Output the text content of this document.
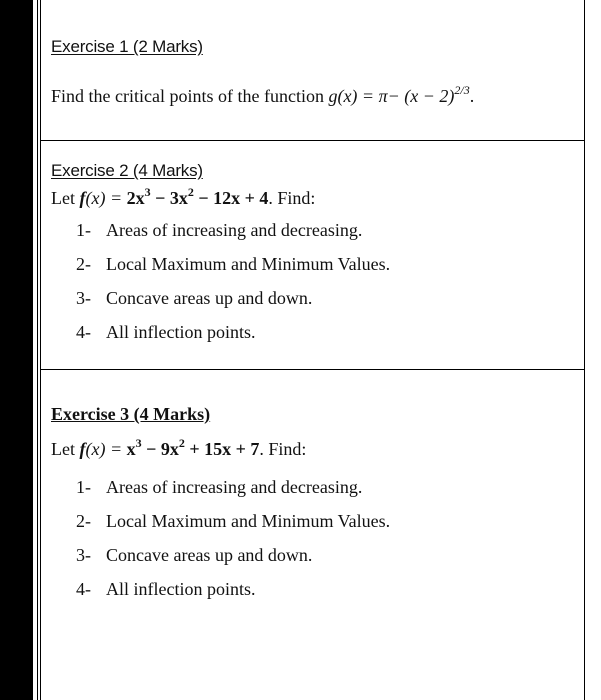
Exercise 1 (2 Marks)
Find the critical points of the function $g(x) = \pi- (x - 2)^{2/3}$.
Exercise 2 (4 Marks)
Let $f(x) = 2x^3 - 3x^2 - 12x + 4$. Find:
1- Areas of increasing and decreasing.
2- Local Maximum and Minimum Values.
3- Concave areas up and down.
4- All inflection points.
Exercise 3 (4 Marks)
Let $f(x) = x^3 - 9x^2 + 15x + 7$. Find:
1- Areas of increasing and decreasing.
2- Local Maximum and Minimum Values.
3- Concave areas up and down.
4- All inflection points.
